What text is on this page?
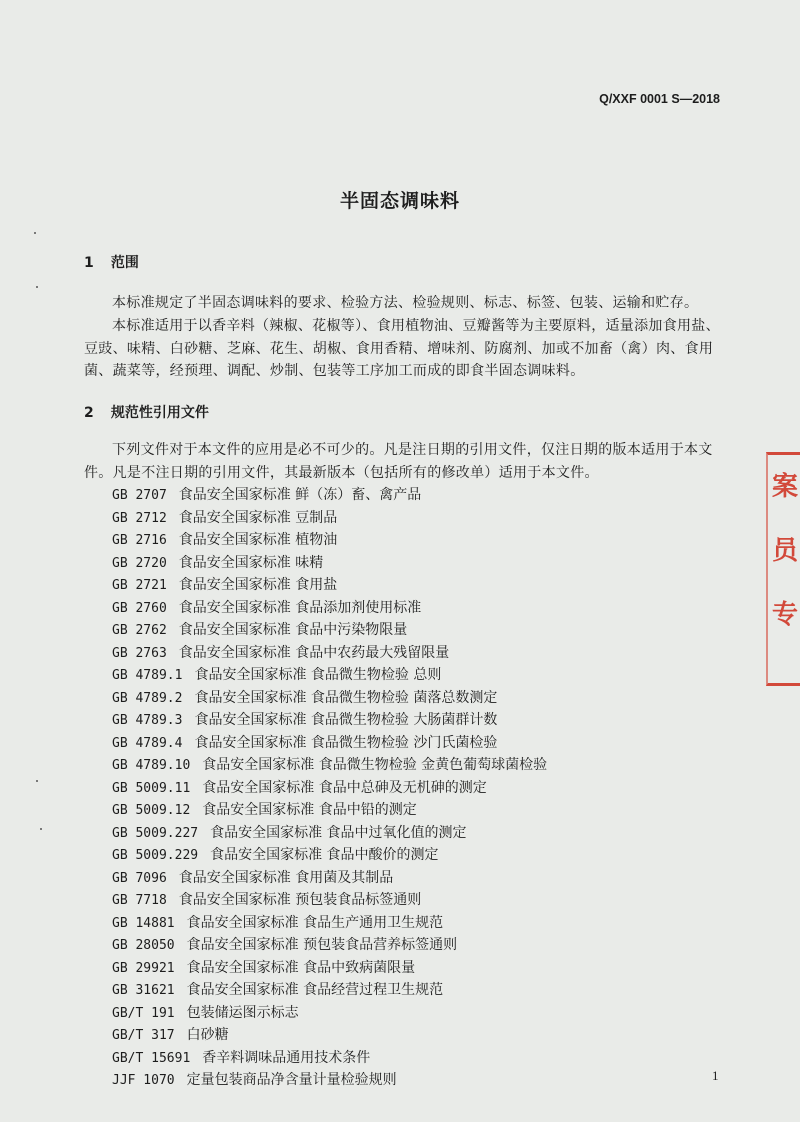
Q/XXF 0001 S—2018
半固态调味料
1 范围
本标准规定了半固态调味料的要求、检验方法、检验规则、标志、标签、包装、运输和贮存。
本标准适用于以香辛料（辣椒、花椒等）、食用植物油、豆瓣酱等为主要原料，适量添加食用盐、豆豉、味精、白砂糖、芝麻、花生、胡椒、食用香精、增味剂、防腐剂、加或不加畜（禽）肉、食用菌、蔬菜等，经预理、调配、炒制、包装等工序加工而成的即食半固态调味料。
2 规范性引用文件
下列文件对于本文件的应用是必不可少的。凡是注日期的引用文件，仅注日期的版本适用于本文件。凡是不注日期的引用文件，其最新版本（包括所有的修改单）适用于本文件。
GB 2707 食品安全国家标准 鲜（冻）畜、禽产品
GB 2712 食品安全国家标准 豆制品
GB 2716 食品安全国家标准 植物油
GB 2720 食品安全国家标准 味精
GB 2721 食品安全国家标准 食用盐
GB 2760 食品安全国家标准 食品添加剂使用标准
GB 2762 食品安全国家标准 食品中污染物限量
GB 2763 食品安全国家标准 食品中农药最大残留限量
GB 4789.1 食品安全国家标准 食品微生物检验 总则
GB 4789.2 食品安全国家标准 食品微生物检验 菌落总数测定
GB 4789.3 食品安全国家标准 食品微生物检验 大肠菌群计数
GB 4789.4 食品安全国家标准 食品微生物检验 沙门氏菌检验
GB 4789.10 食品安全国家标准 食品微生物检验 金黄色葡萄球菌检验
GB 5009.11 食品安全国家标准 食品中总砷及无机砷的测定
GB 5009.12 食品安全国家标准 食品中铅的测定
GB 5009.227 食品安全国家标准 食品中过氧化值的测定
GB 5009.229 食品安全国家标准 食品中酸价的测定
GB 7096 食品安全国家标准 食用菌及其制品
GB 7718 食品安全国家标准 预包装食品标签通则
GB 14881 食品安全国家标准 食品生产通用卫生规范
GB 28050 食品安全国家标准 预包装食品营养标签通则
GB 29921 食品安全国家标准 食品中致病菌限量
GB 31621 食品安全国家标准 食品经营过程卫生规范
GB/T 191 包装储运图示标志
GB/T 317 白砂糖
GB/T 15691 香辛料调味品通用技术条件
JJF 1070 定量包装商品净含量计量检验规则	1
案
员
专
